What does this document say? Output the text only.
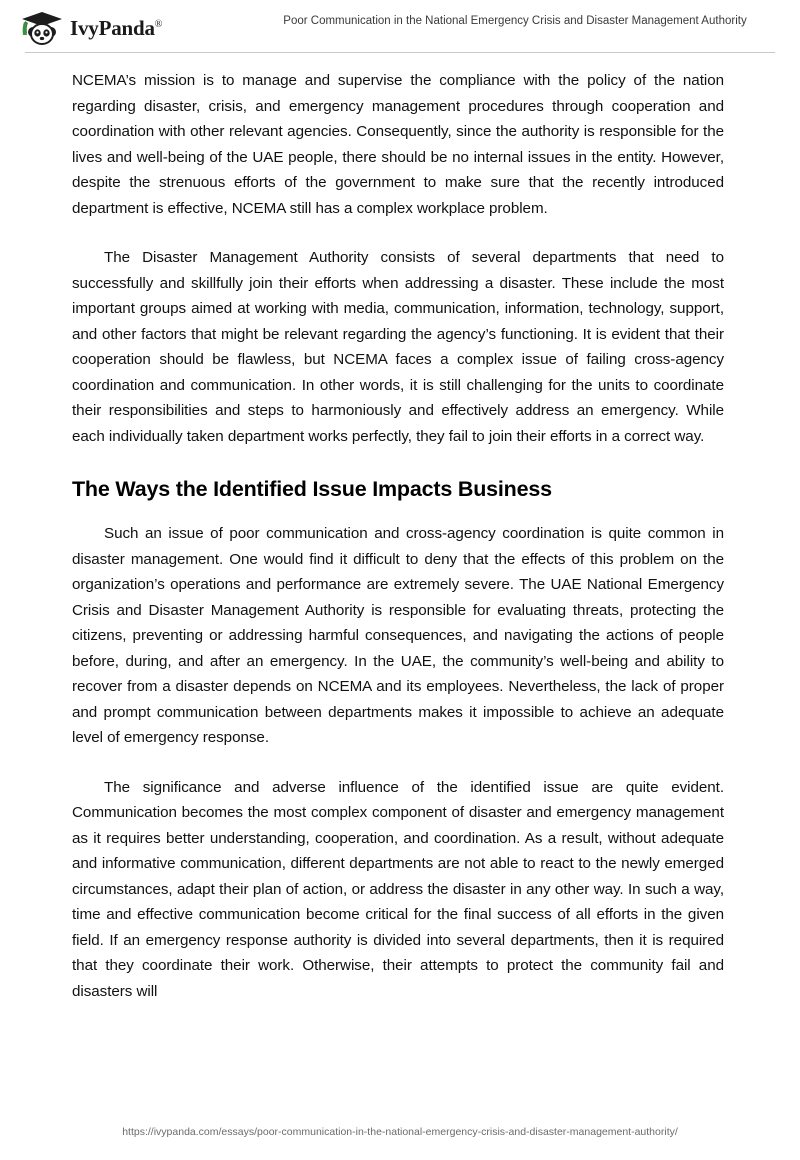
IvyPanda®	Poor Communication in the National Emergency Crisis and Disaster Management Authority

NCEMA’s mission is to manage and supervise the compliance with the policy of the nation regarding disaster, crisis, and emergency management procedures through cooperation and coordination with other relevant agencies. Consequently, since the authority is responsible for the lives and well-being of the UAE people, there should be no internal issues in the entity. However, despite the strenuous efforts of the government to make sure that the recently introduced department is effective, NCEMA still has a complex workplace problem.

The Disaster Management Authority consists of several departments that need to successfully and skillfully join their efforts when addressing a disaster. These include the most important groups aimed at working with media, communication, information, technology, support, and other factors that might be relevant regarding the agency’s functioning. It is evident that their cooperation should be flawless, but NCEMA faces a complex issue of failing cross-agency coordination and communication. In other words, it is still challenging for the units to coordinate their responsibilities and steps to harmoniously and effectively address an emergency. While each individually taken department works perfectly, they fail to join their efforts in a correct way.

The Ways the Identified Issue Impacts Business

Such an issue of poor communication and cross-agency coordination is quite common in disaster management. One would find it difficult to deny that the effects of this problem on the organization’s operations and performance are extremely severe. The UAE National Emergency Crisis and Disaster Management Authority is responsible for evaluating threats, protecting the citizens, preventing or addressing harmful consequences, and navigating the actions of people before, during, and after an emergency. In the UAE, the community’s well-being and ability to recover from a disaster depends on NCEMA and its employees. Nevertheless, the lack of proper and prompt communication between departments makes it impossible to achieve an adequate level of emergency response.

The significance and adverse influence of the identified issue are quite evident. Communication becomes the most complex component of disaster and emergency management as it requires better understanding, cooperation, and coordination. As a result, without adequate and informative communication, different departments are not able to react to the newly emerged circumstances, adapt their plan of action, or address the disaster in any other way. In such a way, time and effective communication become critical for the final success of all efforts in the given field. If an emergency response authority is divided into several departments, then it is required that they coordinate their work. Otherwise, their attempts to protect the community fail and disasters will

https://ivypanda.com/essays/poor-communication-in-the-national-emergency-crisis-and-disaster-management-authority/
